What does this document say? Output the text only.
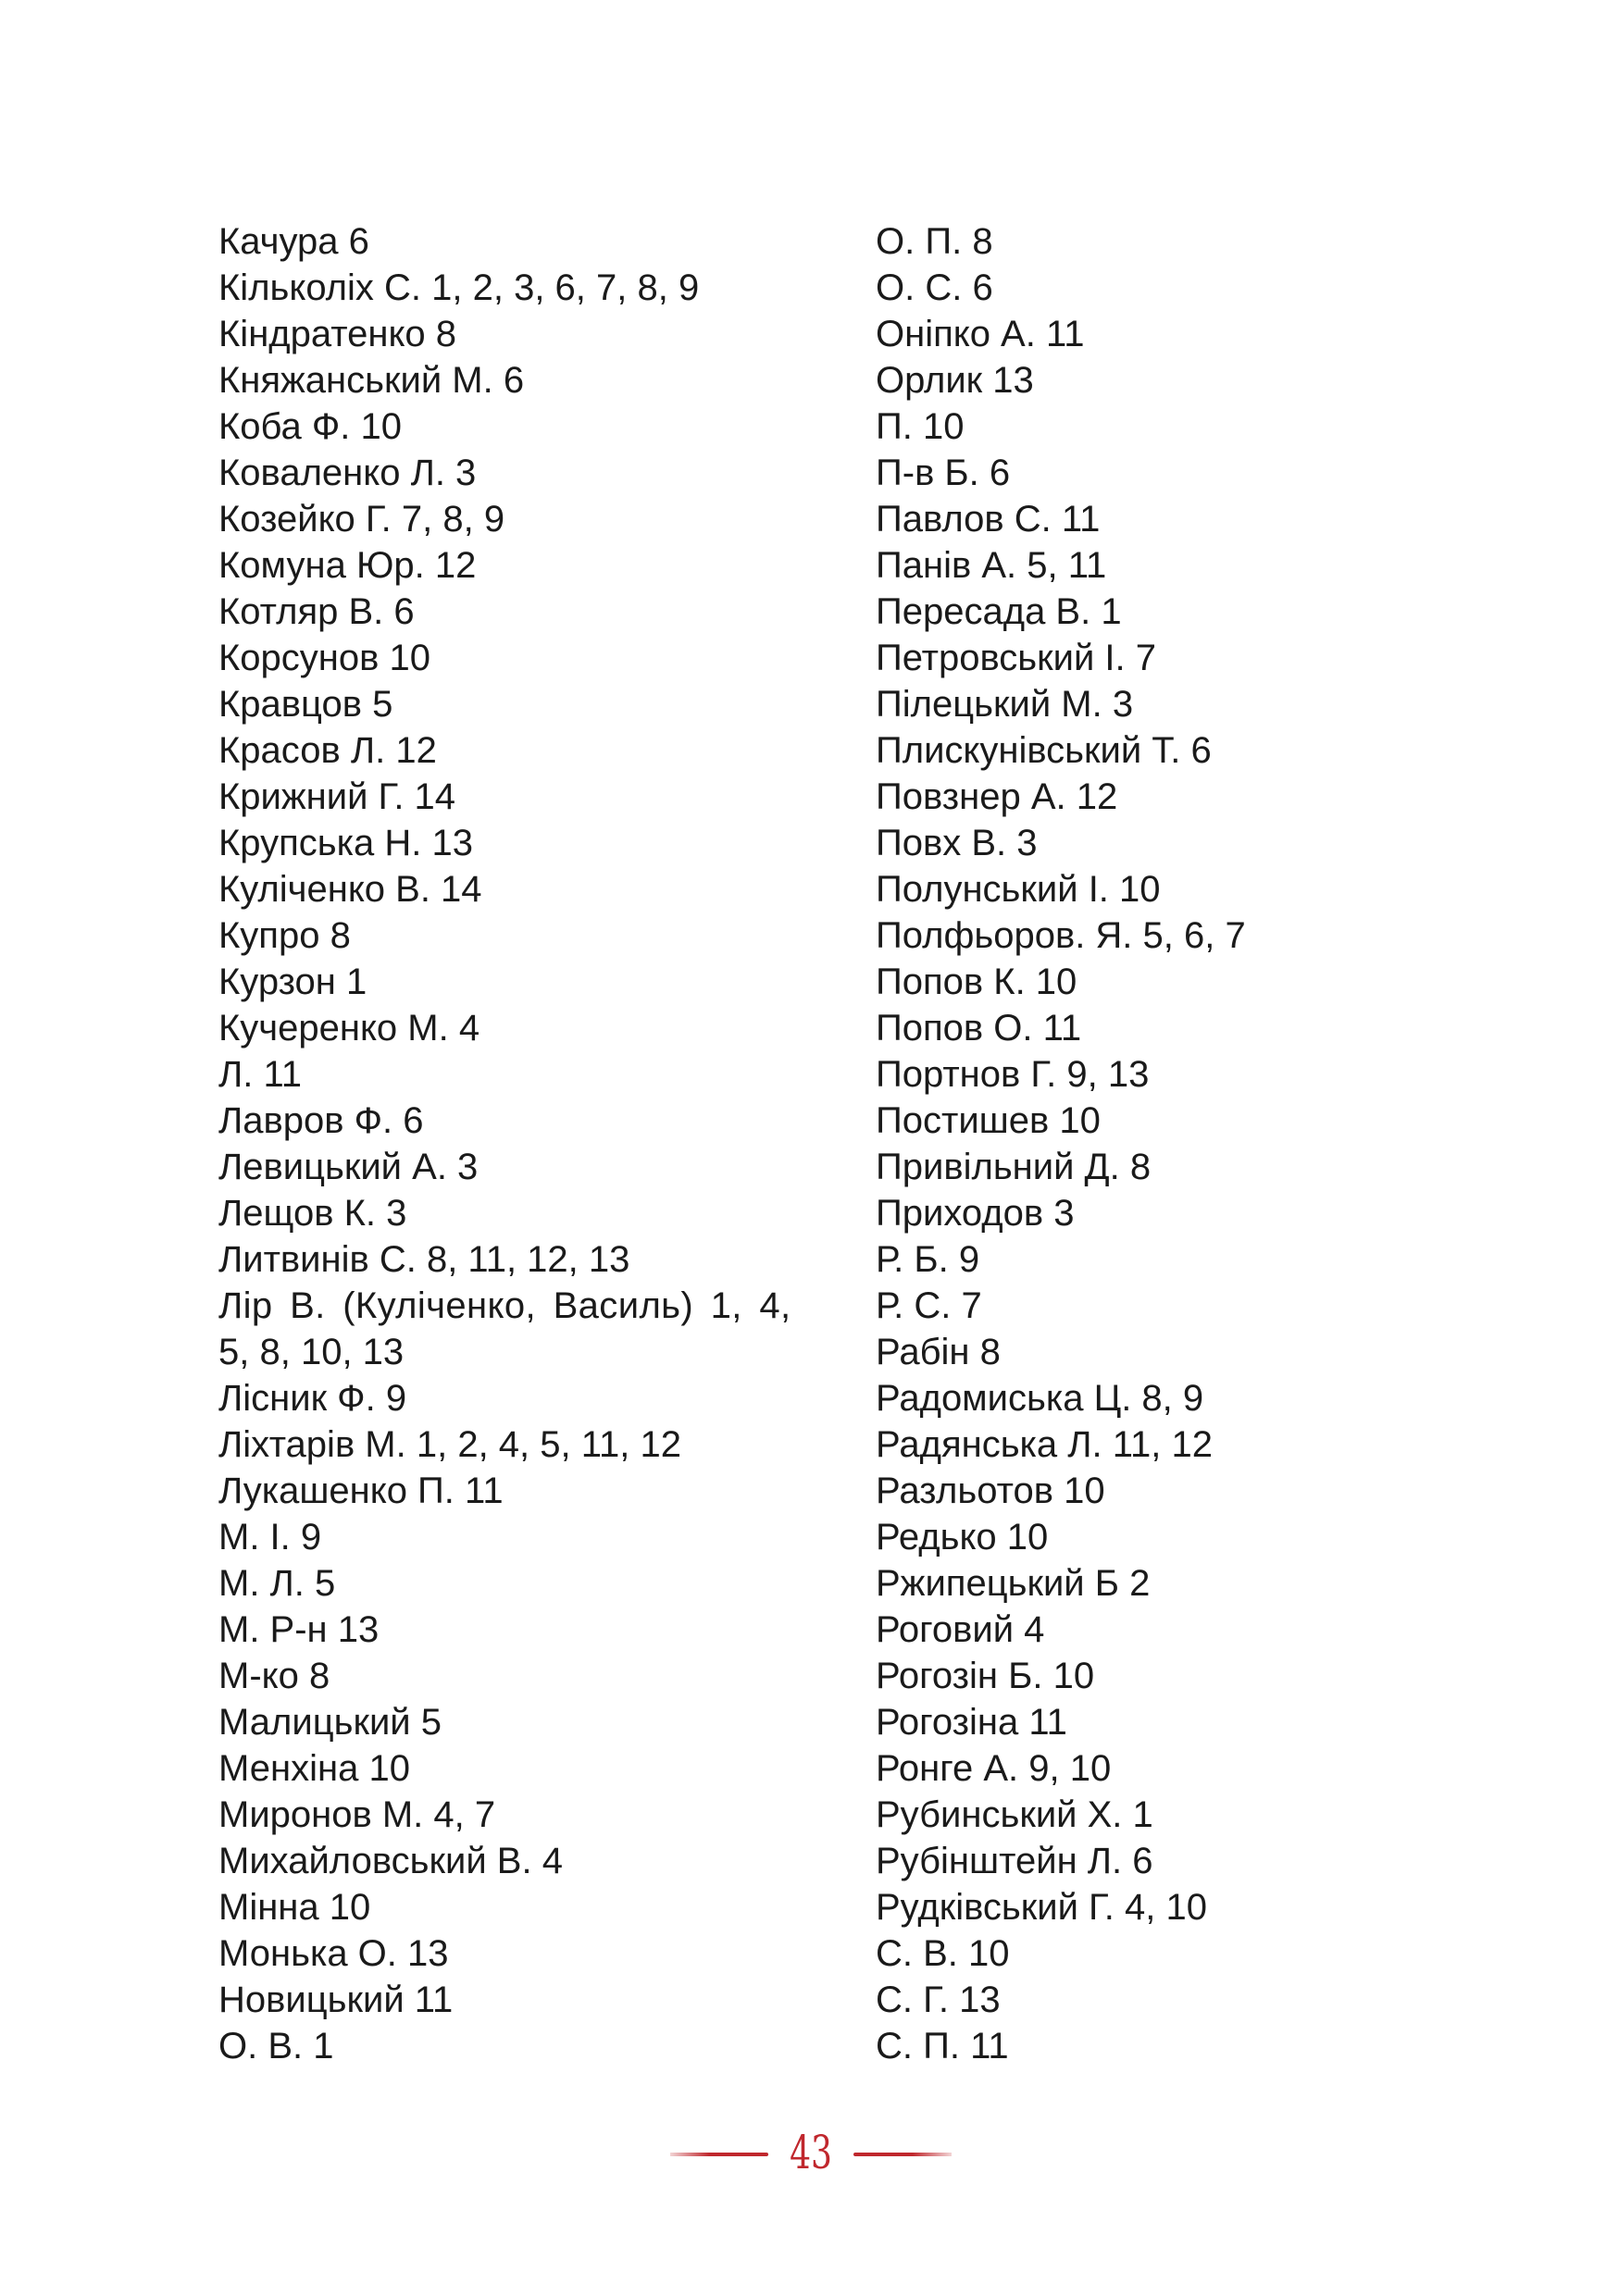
Качура 6
Кільколіх С. 1, 2, 3, 6, 7, 8, 9
Кіндратенко 8
Княжанський М. 6
Коба Ф. 10
Коваленко Л. 3
Козейко Г. 7, 8, 9
Комуна Юр. 12
Котляр В. 6
Корсунов 10
Кравцов 5
Красов Л. 12
Крижний Г. 14
Крупська Н. 13
Куліченко В. 14
Купро 8
Курзон 1
Кучеренко М. 4
Л. 11
Лавров Ф. 6
Левицький А. 3
Лещов К. 3
Литвинів С. 8, 11, 12, 13
Лір В. (Куліченко, Василь) 1, 4,
5, 8, 10, 13
Лісник Ф. 9
Ліхтарів М. 1, 2, 4, 5, 11, 12
Лукашенко П. 11
М. І. 9
М. Л. 5
М. Р-н 13
М-ко 8
Малицький 5
Менхіна 10
Миронов М. 4, 7
Михайловський В. 4
Мінна 10
Монька О. 13
Новицький 11
О. В. 1
О. П. 8
О. С. 6
Оніпко А. 11
Орлик 13
П. 10
П-в Б. 6
Павлов С. 11
Панів А. 5, 11
Пересада В. 1
Петровський І. 7
Пілецький М. 3
Плискунівський Т. 6
Повзнер А. 12
Повх В. 3
Полунський І. 10
Полфьоров. Я. 5, 6, 7
Попов К. 10
Попов О. 11
Портнов Г. 9, 13
Постишев 10
Привільний Д. 8
Приходов 3
Р. Б. 9
Р. С. 7
Рабін 8
Радомиська Ц. 8, 9
Радянська Л. 11, 12
Разльотов 10
Редько 10
Ржипецький Б 2
Роговий 4
Рогозін Б. 10
Рогозіна 11
Ронге А. 9, 10
Рубинський Х. 1
Рубінштейн Л. 6
Рудківський Г. 4, 10
С. В. 10
С. Г. 13
С. П. 11
43
